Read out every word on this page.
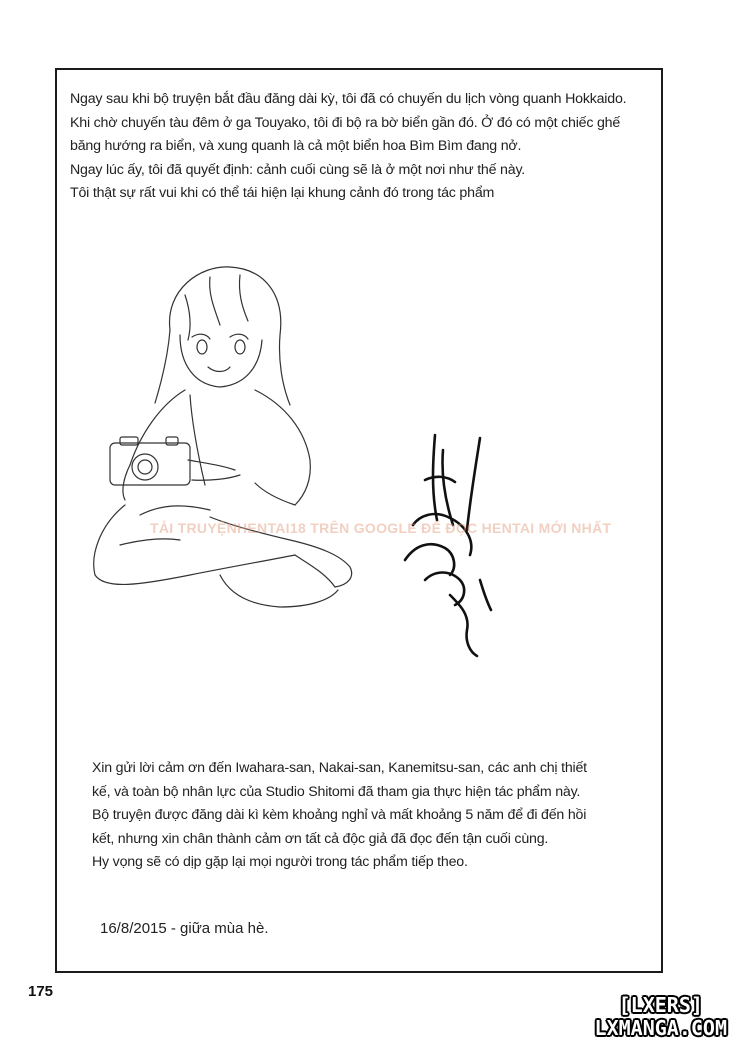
Ngay sau khi bộ truyện bắt đầu đăng dài kỳ, tôi đã có chuyến du lịch vòng quanh Hokkaido.
Khi chờ chuyến tàu đêm ở ga Touyako, tôi đi bộ ra bờ biển gần đó. Ở đó có một chiếc ghế
băng hướng ra biển, và xung quanh là cả một biển hoa Bìm Bìm đang nở.
Ngay lúc ấy, tôi đã quyết định: cảnh cuối cùng sẽ là ở một nơi như thế này.
Tôi thật sự rất vui khi có thể tái hiện lại khung cảnh đó trong tác phẩm
TẢI TRUYỆNHENTAI18 TRÊN GOOGLE ĐỂ ĐỌC HENTAI MỚI NHẤT
Xin gửi lời cảm ơn đến Iwahara-san, Nakai-san, Kanemitsu-san, các anh chị thiết
kế, và toàn bộ nhân lực của Studio Shitomi đã tham gia thực hiện tác phẩm này.
Bộ truyện được đăng dài kì kèm khoảng nghỉ và mất khoảng 5 năm để đi đến hồi
kết, nhưng xin chân thành cảm ơn tất cả độc giả đã đọc đến tận cuối cùng.
Hy vọng sẽ có dịp gặp lại mọi người trong tác phẩm tiếp theo.
16/8/2015 - giữa mùa hè.
175
[LXERS]
LXMANGA.COM
